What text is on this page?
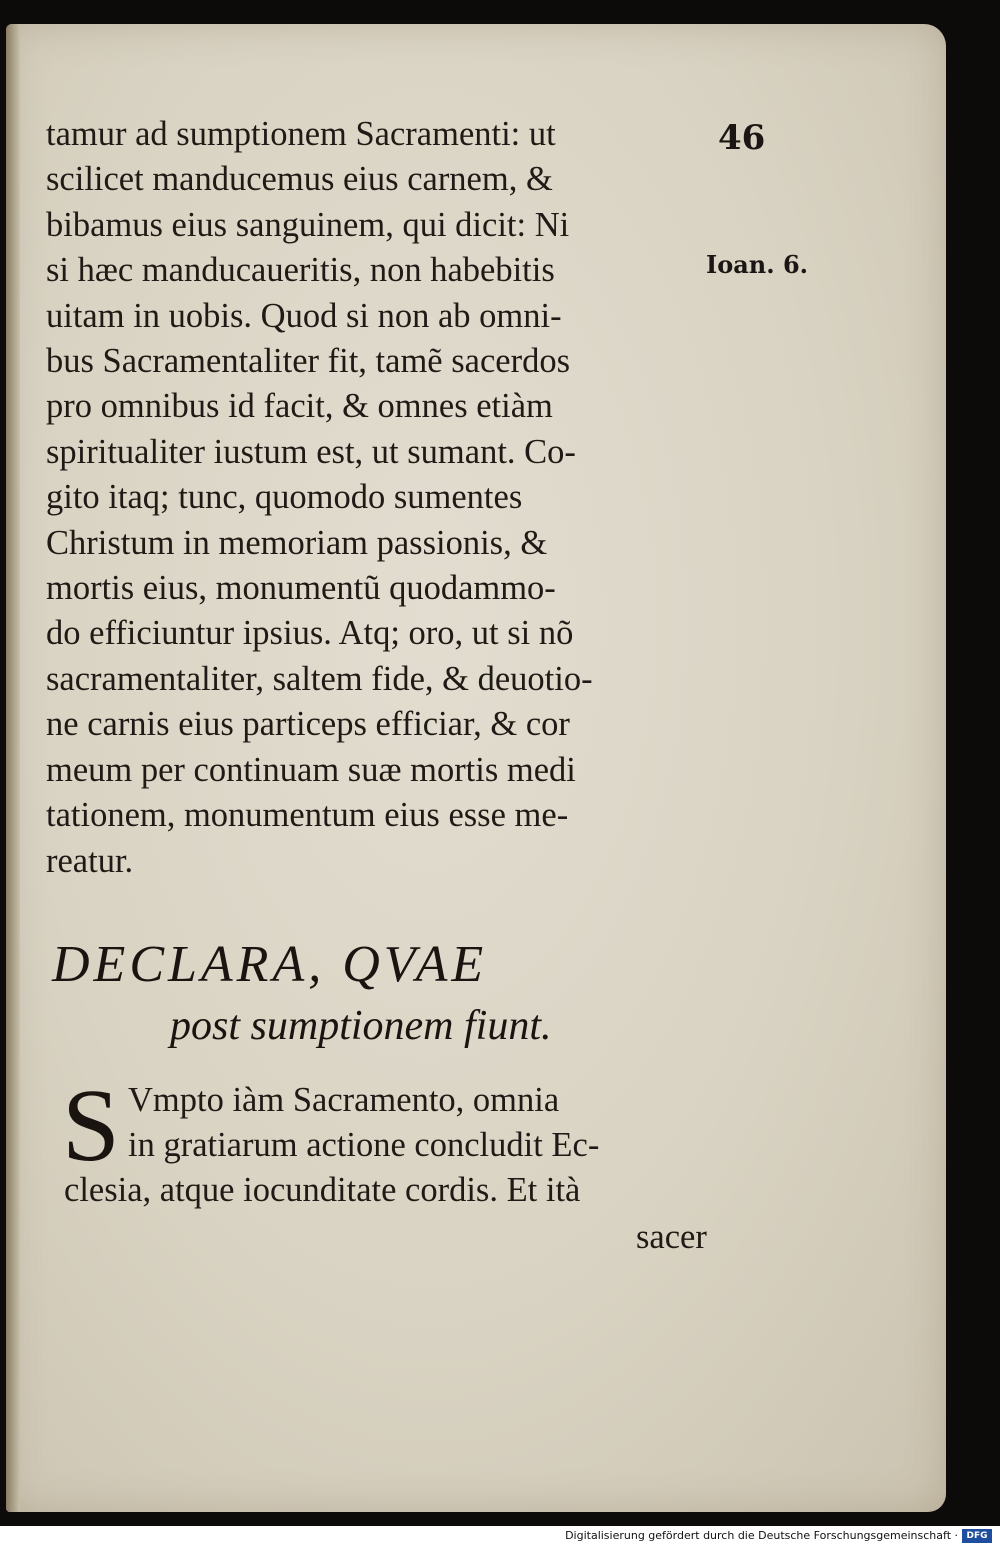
46
Ioan. 6.
tamur ad sumptionem Sacramenti: ut
scilicet manducemus eius carnem, &
bibamus eius sanguinem, qui dicit: Ni
si hæc manducaueritis, non habebitis
uitam in uobis. Quod si non ab omni-
bus Sacramentaliter fit, tamẽ sacerdos
pro omnibus id facit, & omnes etiàm
spiritualiter iustum est, ut sumant. Co-
gito itaq; tunc, quomodo sumentes
Christum in memoriam passionis, &
mortis eius, monumentũ quodammo-
do efficiuntur ipsius. Atq; oro, ut si nõ
sacramentaliter, saltem fide, & deuotio-
ne carnis eius particeps efficiar, & cor
meum per continuam suæ mortis medi
tationem, monumentum eius esse me-
reatur.
DECLARA, QVAE
post sumptionem fiunt.
S Vmpto iàm Sacramento, omnia
in gratiarum actione concludit Ec-
clesia, atque iocunditate cordis. Et ità
sacer
Digitalisierung gefördert durch die Deutsche Forschungsgemeinschaft · DFG
